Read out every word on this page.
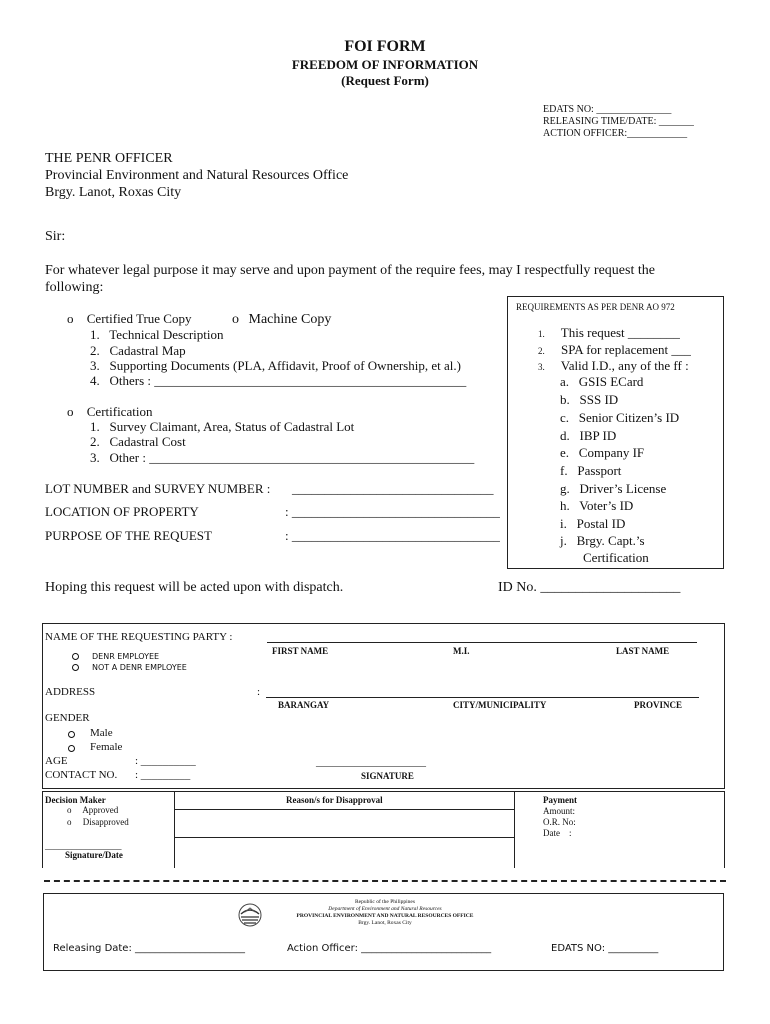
FOI FORM
FREEDOM OF INFORMATION
(Request Form)
EDATS NO: _______________
RELEASING TIME/DATE: _______
ACTION OFFICER:____________
THE PENR OFFICER
Provincial Environment and Natural Resources Office
Brgy. Lanot, Roxas City
Sir:
For whatever legal purpose it may serve and upon payment of the require fees, may I respectfully request the
following:
o Certified True Copy	o Machine Copy
1.   Technical Description
2.   Cadastral Map
3.   Supporting Documents (PLA, Affidavit, Proof of Ownership, et al.)
4.   Others : ________________________________________________
o Certification
1.   Survey Claimant, Area, Status of Cadastral Lot
2.   Cadastral Cost
3.   Other : __________________________________________________
LOT NUMBER and SURVEY NUMBER : _______________________________
LOCATION OF PROPERTY	: ________________________________
PURPOSE OF THE REQUEST	: ________________________________
REQUIREMENTS AS PER DENR AO 972
1. This request ________
2. SPA for replacement ___
3. Valid I.D., any of the ff :
a. GSIS ECard
b. SSS ID
c. Senior Citizen’s ID
d. IBP ID
e. Company IF
f. Passport
g. Driver’s License
h. Voter’s ID
i. Postal ID
j. Brgy. Capt.’s
Certification
Hoping this request will be acted upon with dispatch.	ID No. ____________________
NAME OF THE REQUESTING PARTY :
FIRST NAME	M.I.	LAST NAME
DENR EMPLOYEE
NOT A DENR EMPLOYEE
ADDRESS	:
BARANGAY	CITY/MUNICIPALITY	PROVINCE
GENDER
Male
Female
AGE	: __________	____________________
CONTACT NO. : _________	SIGNATURE
Decision Maker
o Approved
o Disapproved
_________________
Signature/Date
Reason/s for Disapproval	Payment
Amount:
O.R. No:
Date    :
Republic of the Philippines
Department of Environment and Natural Resources
PROVINCIAL ENVIRONMENT AND NATURAL RESOURCES OFFICE
Brgy. Lanot, Roxas City
Releasing Date: ______________________	Action Officer: __________________________	EDATS NO: __________
